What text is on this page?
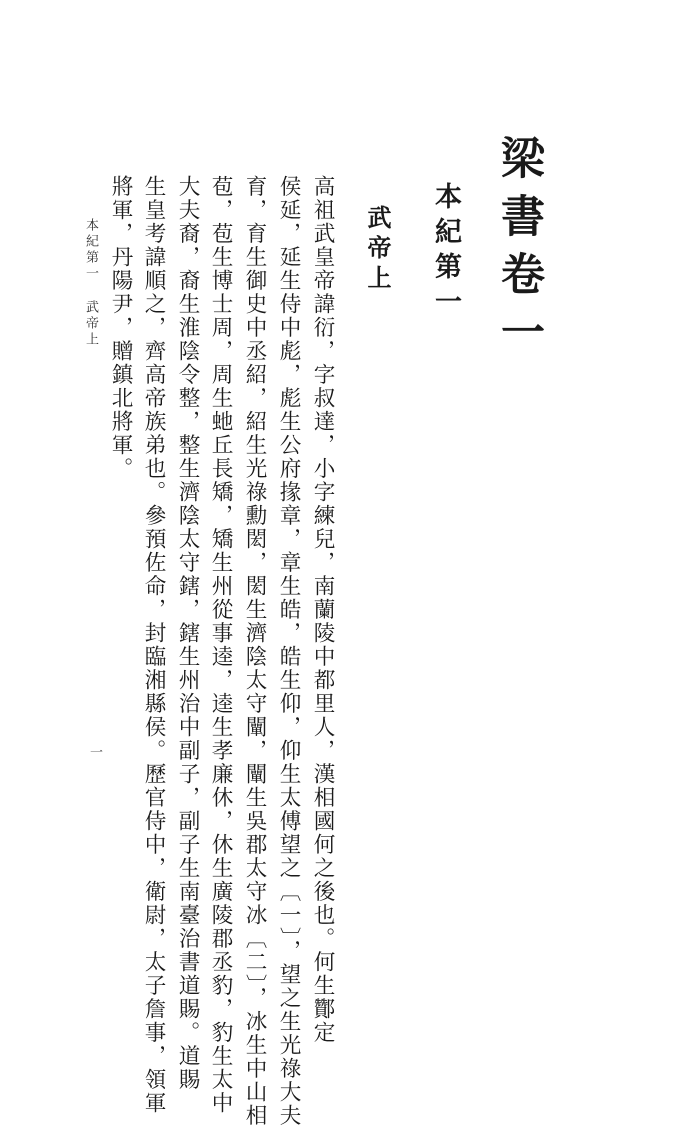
梁書卷一
本紀第一
武帝上
高祖武皇帝諱衍，字叔達，小字練兒，南蘭陵中都里人，漢相國何之後也。何生酇定
侯延，延生侍中彪，彪生公府掾章，章生皓，皓生仰，仰生太傅望之〔一〕，望之生光祿大夫
育，育生御史中丞紹，紹生光祿勳閎，閎生濟陰太守闡，闡生吳郡太守冰〔二〕，冰生中山相
苞，苞生博士周，周生虵丘長矯，矯生州從事逵，逵生孝廉休，休生廣陵郡丞豹，豹生太中
大夫裔，裔生淮陰令整，整生濟陰太守鎋，鎋生州治中副子，副子生南臺治書道賜。道賜
生皇考諱順之，齊高帝族弟也。參預佐命，封臨湘縣侯。歷官侍中，衛尉，太子詹事，領軍
將軍，丹陽尹，贈鎮北將軍。
本紀第一武帝上
一
